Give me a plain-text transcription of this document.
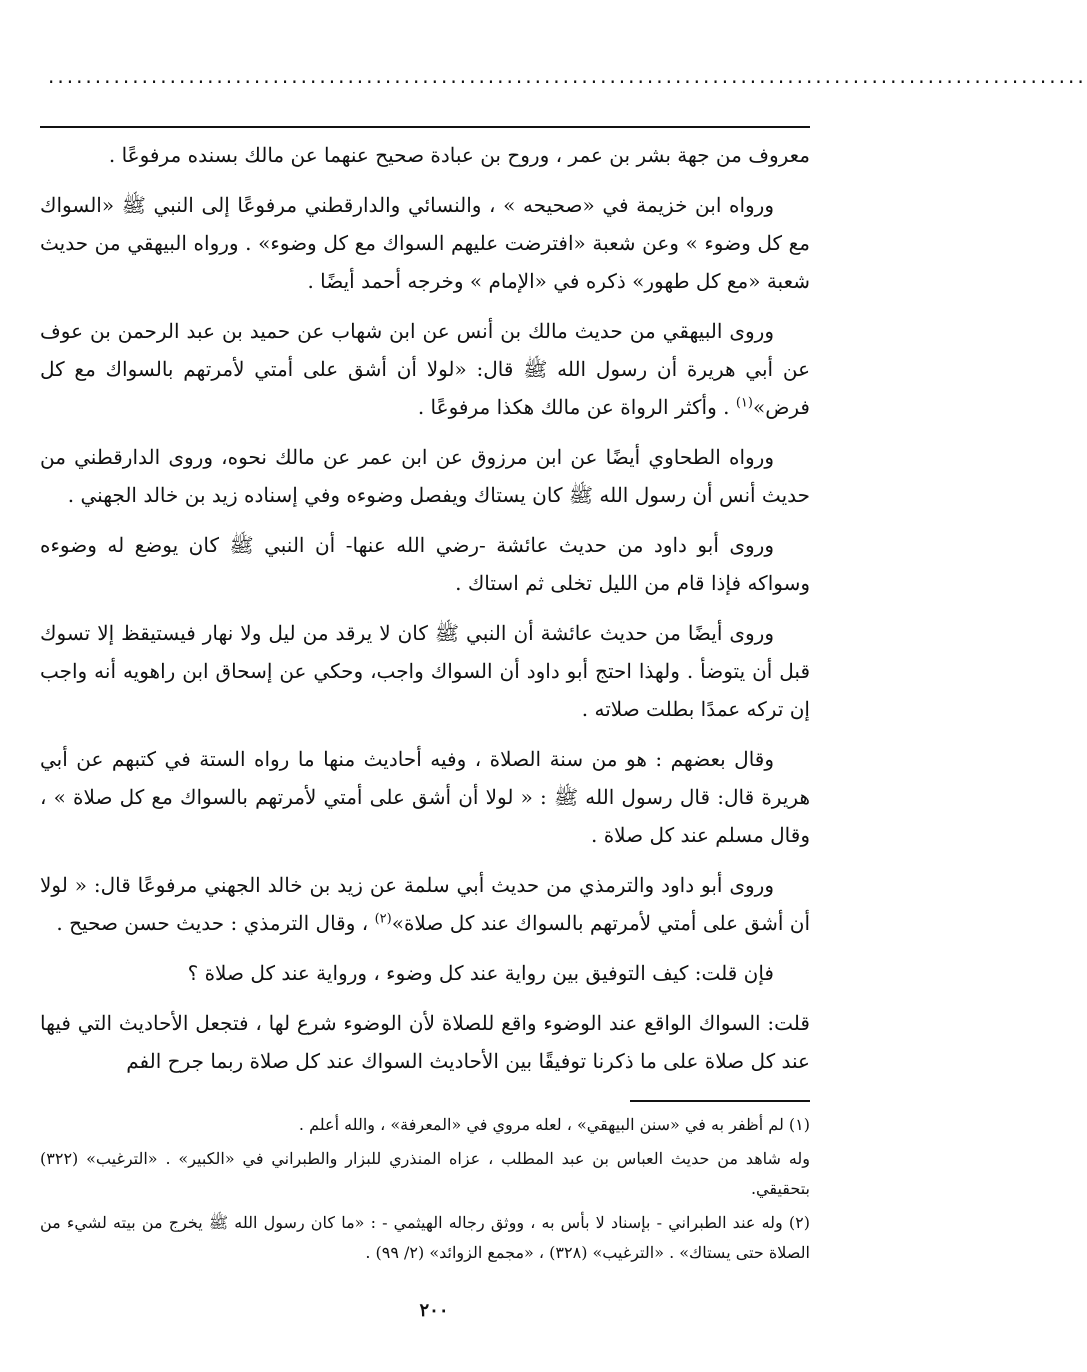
...............................................................................................................

معروف من جهة بشر بن عمر ، وروح بن عبادة صحيح عنهما عن مالك بسنده مرفوعًا .

ورواه ابن خزيمة في «صحيحه » ، والنسائي والدارقطني مرفوعًا إلى النبي ﷺ «السواك مع كل وضوء » وعن شعبة «افترضت عليهم السواك مع كل وضوء» . ورواه البيهقي من حديث شعبة «مع كل طهور» ذكره في «الإمام » وخرجه أحمد أيضًا .

وروى البيهقي من حديث مالك بن أنس عن ابن شهاب عن حميد بن عبد الرحمن بن عوف عن أبي هريرة أن رسول الله ﷺ قال: «لولا أن أشق على أمتي لأمرتهم بالسواك مع كل فرض»$^{(١)}$ . وأكثر الرواة عن مالك هكذا مرفوعًا .

ورواه الطحاوي أيضًا عن ابن مرزوق عن ابن عمر عن مالك نحوه، وروى الدارقطني من حديث أنس أن رسول الله ﷺ كان يستاك ويفصل وضوءه وفي إسناده زيد بن خالد الجهني .

وروى أبو داود من حديث عائشة -رضي الله عنها- أن النبي ﷺ كان يوضع له وضوءه وسواكه فإذا قام من الليل تخلى ثم استاك .

وروى أيضًا من حديث عائشة أن النبي ﷺ كان لا يرقد من ليل ولا نهار فيستيقظ إلا تسوك قبل أن يتوضأ . ولهذا احتج أبو داود أن السواك واجب، وحكي عن إسحاق ابن راهويه أنه واجب إن تركه عمدًا بطلت صلاته .

وقال بعضهم : هو من سنة الصلاة ، وفيه أحاديث منها ما رواه الستة في كتبهم عن أبي هريرة قال: قال رسول الله ﷺ : « لولا أن أشق على أمتي لأمرتهم بالسواك مع كل صلاة » ، وقال مسلم عند كل صلاة .

وروى أبو داود والترمذي من حديث أبي سلمة عن زيد بن خالد الجهني مرفوعًا قال: « لولا أن أشق على أمتي لأمرتهم بالسواك عند كل صلاة»$^{(٢)}$ ، وقال الترمذي : حديث حسن صحيح .

فإن قلت: كيف التوفيق بين رواية عند كل وضوء ، ورواية عند كل صلاة ؟

قلت: السواك الواقع عند الوضوء واقع للصلاة لأن الوضوء شرع لها ، فتجعل الأحاديث التي فيها عند كل صلاة على ما ذكرنا توفيقًا بين الأحاديث السواك عند كل صلاة ربما جرح الفم

(١) لم أظفر به في «سنن البيهقي» ، لعله مروي في «المعرفة» ، والله أعلم .

وله شاهد من حديث العباس بن عبد المطلب ، عزاه المنذري للبزار والطبراني في «الكبير» . «الترغيب» (٣٢٢) بتحقيقي.

(٢) وله عند الطبراني - بإسناد لا بأس به ، ووثق رجاله الهيثمي - : «ما كان رسول الله ﷺ يخرج من بيته لشيء من الصلاة حتى يستاك» . «الترغيب» (٣٢٨) ، «مجمع الزوائد» (٢/ ٩٩) .

٢٠٠
